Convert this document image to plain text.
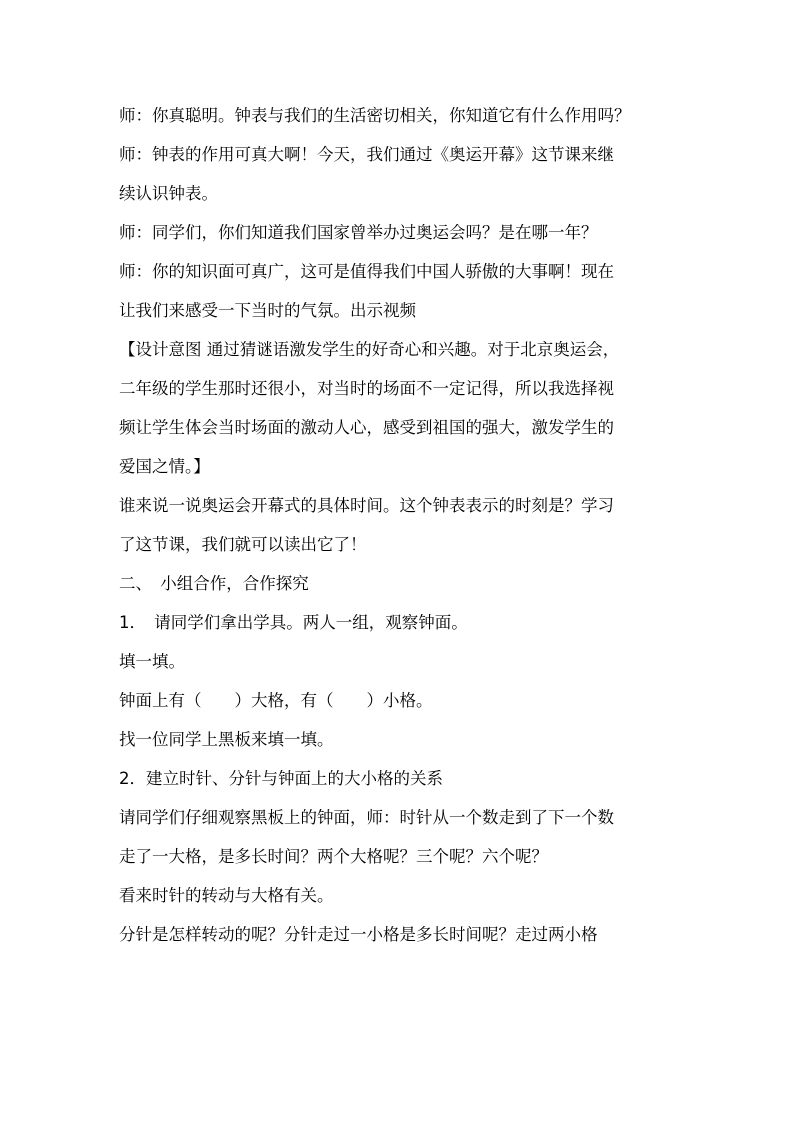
师：你真聪明。钟表与我们的生活密切相关，你知道它有什么作用吗？
师：钟表的作用可真大啊！今天，我们通过《奥运开幕》这节课来继
续认识钟表。
师：同学们，你们知道我们国家曾举办过奥运会吗？是在哪一年？
师：你的知识面可真广，这可是值得我们中国人骄傲的大事啊！现在
让我们来感受一下当时的气氛。出示视频
【设计意图 通过猜谜语激发学生的好奇心和兴趣。对于北京奥运会，
二年级的学生那时还很小，对当时的场面不一定记得，所以我选择视
频让学生体会当时场面的激动人心，感受到祖国的强大，激发学生的
爱国之情。】
谁来说一说奥运会开幕式的具体时间。这个钟表表示的时刻是？学习
了这节课，我们就可以读出它了！
二、　小组合作，合作探究
1．　请同学们拿出学具。两人一组，观察钟面。
填一填。
钟面上有（　　）大格，有（　　）小格。
找一位同学上黑板来填一填。
2．建立时针、分针与钟面上的大小格的关系
请同学们仔细观察黑板上的钟面，师：时针从一个数走到了下一个数
走了一大格，是多长时间？两个大格呢？三个呢？六个呢？
看来时针的转动与大格有关。
分针是怎样转动的呢？分针走过一小格是多长时间呢？走过两小格
